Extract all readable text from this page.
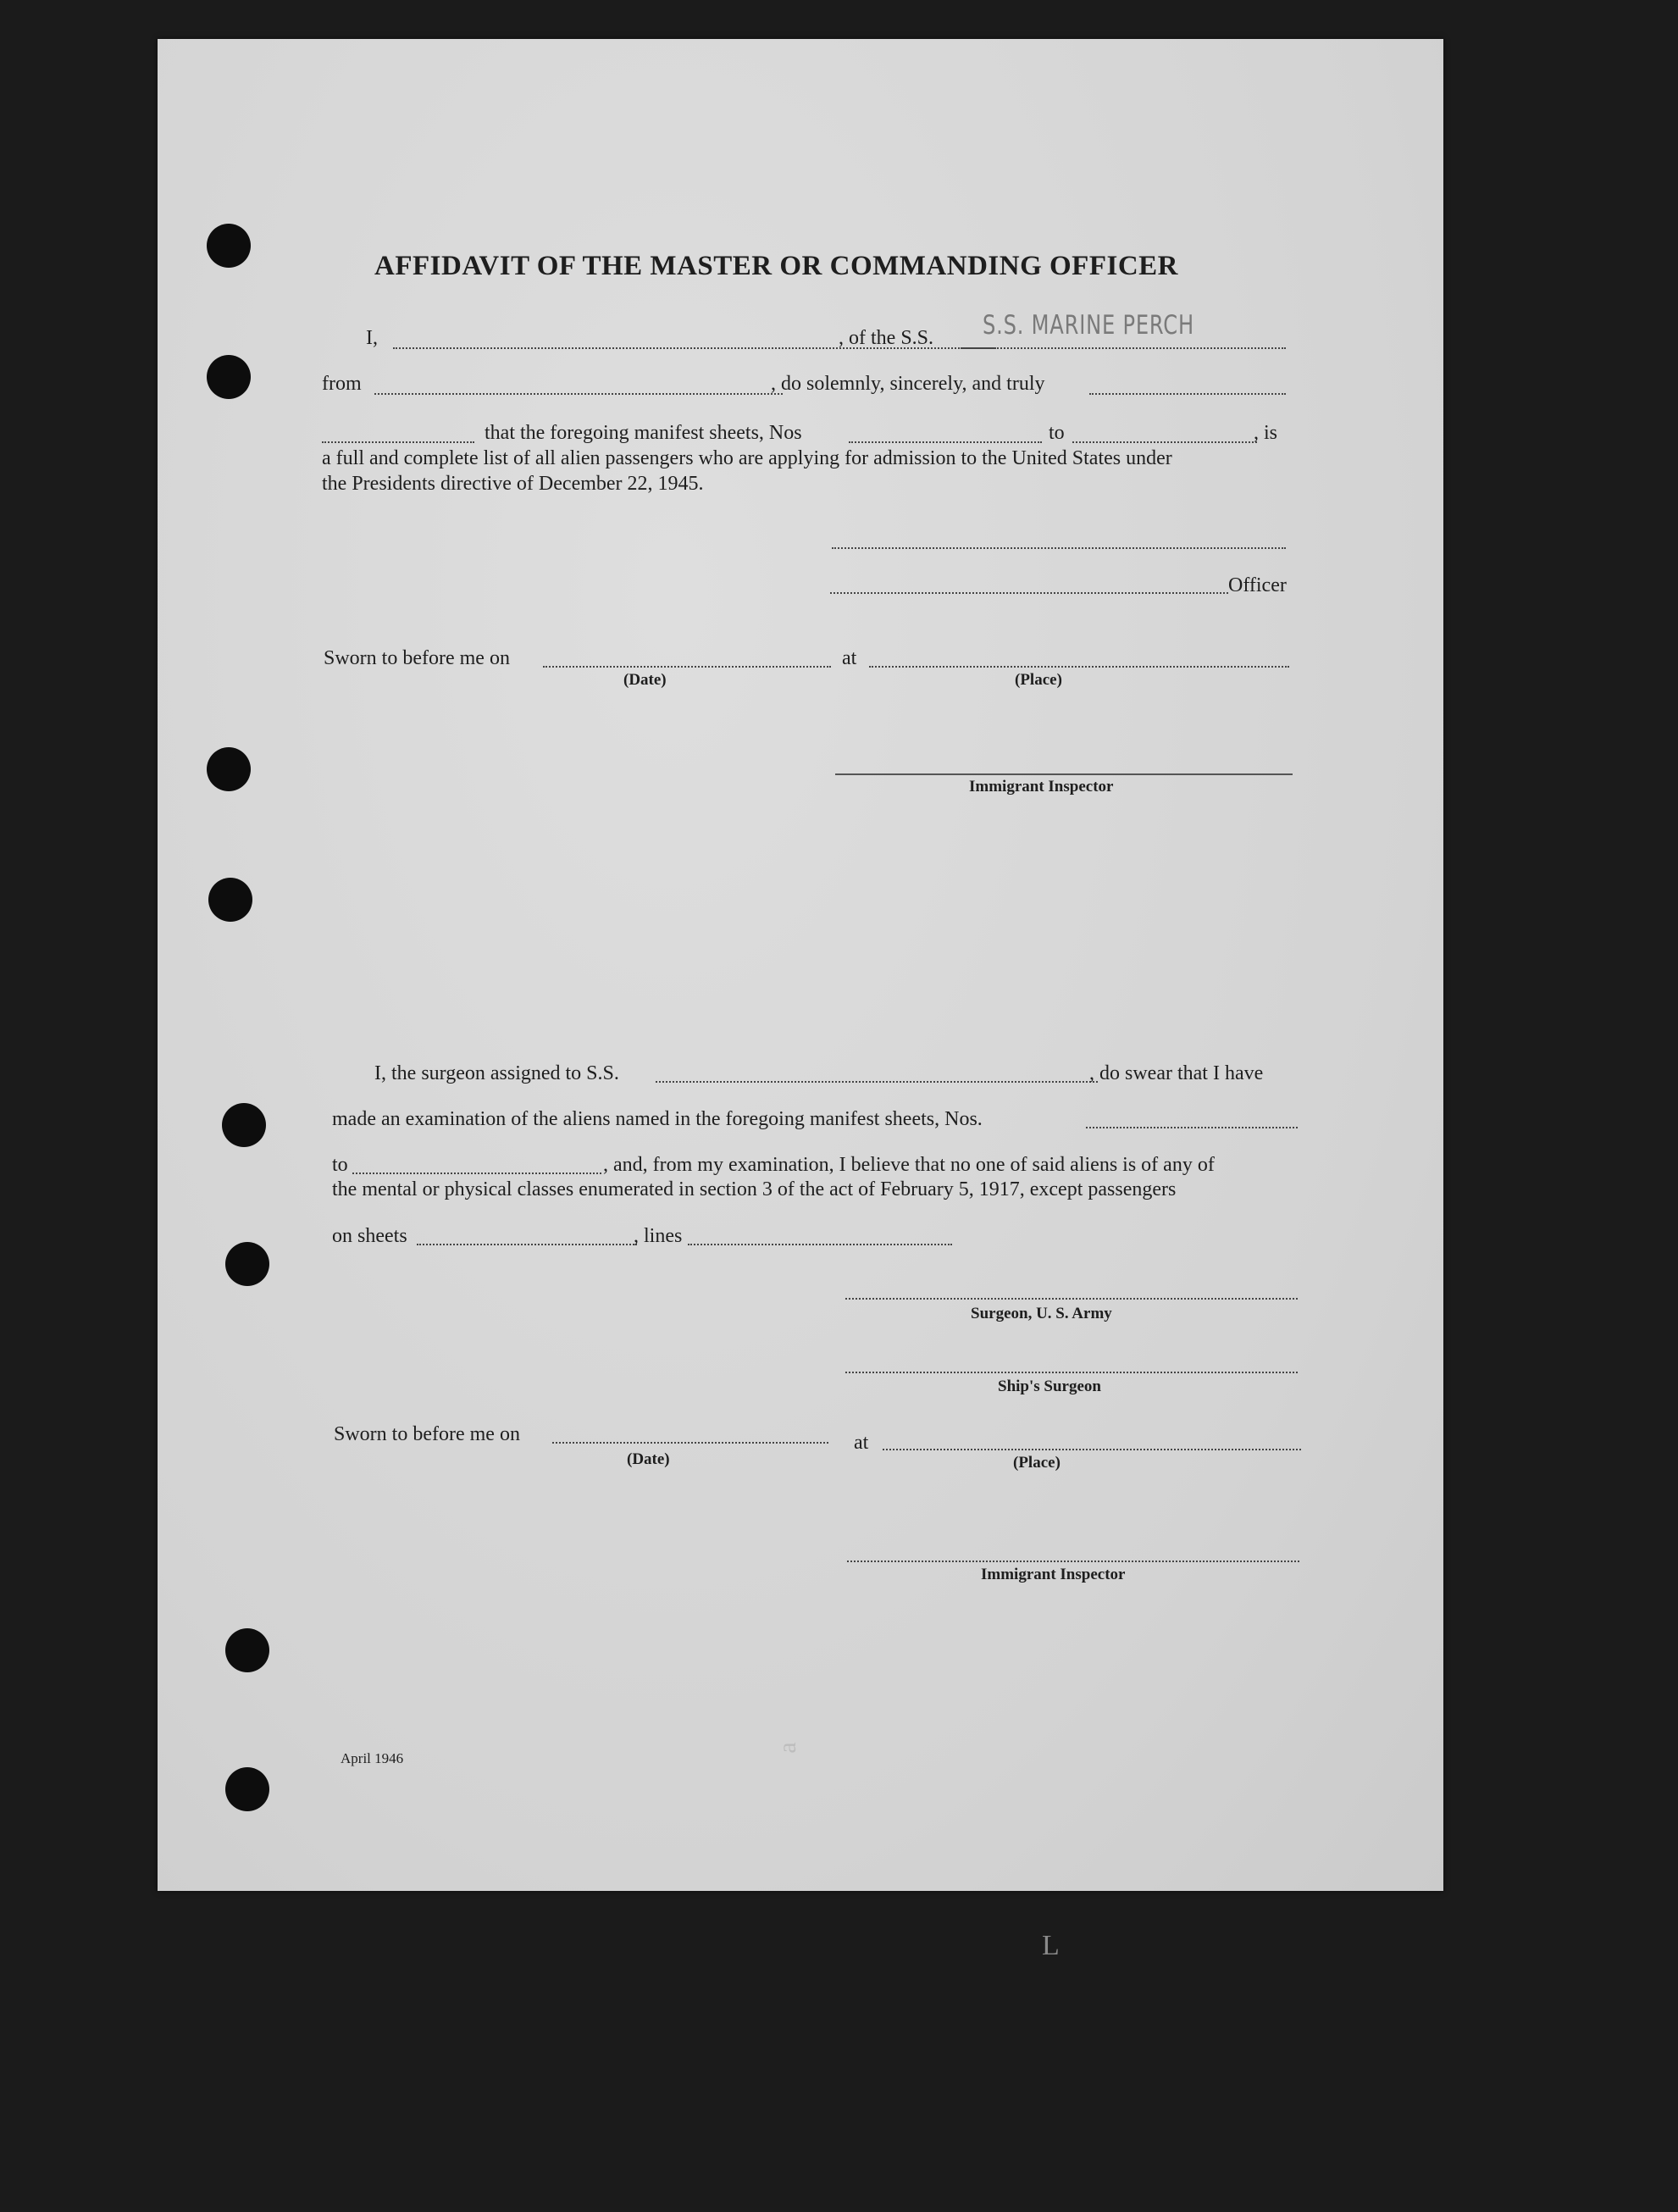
AFFIDAVIT OF THE MASTER OR COMMANDING OFFICER
I,	, of the S.S. S.S. MARINE PERCH
from	, do solemnly, sincerely, and truly
that the foregoing manifest sheets, Nos	to	, is
a full and complete list of all alien passengers who are applying for admission to the United States under
the Presidents directive of December 22, 1945.
Officer
Sworn to before me on	at
(Date)	(Place)
Immigrant Inspector
I, the surgeon assigned to S.S.	, do swear that I have
made an examination of the aliens named in the foregoing manifest sheets, Nos.
to	, and, from my examination, I believe that no one of said aliens is of any of
the mental or physical classes enumerated in section 3 of the act of February 5, 1917, except passengers
on sheets	, lines
Surgeon, U. S. Army
Ship's Surgeon
Sworn to before me on	at
(Date)	(Place)
Immigrant Inspector
April 1946
ɐ
L
